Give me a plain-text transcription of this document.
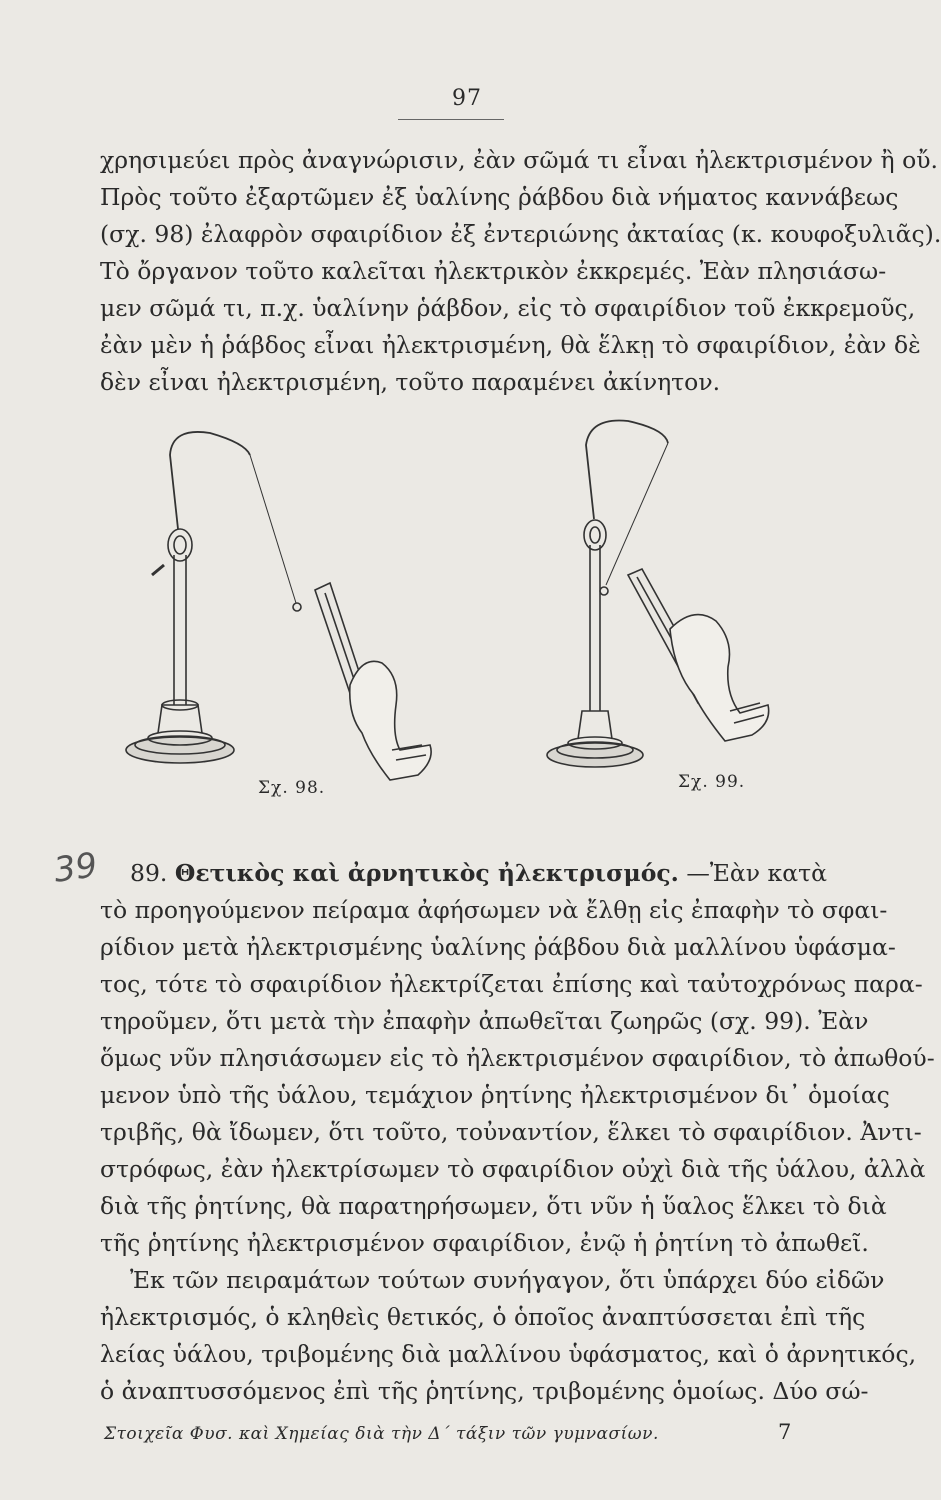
97
χρησιμεύει πρὸς ἀναγνώρισιν, ἐὰν σῶμά τι εἶναι ἠλεκτρισμένον ἢ οὔ.
Πρὸς τοῦτο ἐξαρτῶμεν ἐξ ὑαλίνης ῥάβδου διὰ νήματος καννάβεως
(σχ. 98) ἐλαφρὸν σφαιρίδιον ἐξ ἐντεριώνης ἀκταίας (κ. κουφοξυλιᾶς).
Τὸ ὄργανον τοῦτο καλεῖται ἠλεκτρικὸν ἐκκρεμές. Ἐὰν πλησιάσω-
μεν σῶμά τι, π.χ. ὑαλίνην ῥάβδον, εἰς τὸ σφαιρίδιον τοῦ ἐκκρεμοῦς,
ἐὰν μὲν ἡ ῥάβδος εἶναι ἠλεκτρισμένη, θὰ ἕλκῃ τὸ σφαιρίδιον, ἐὰν δὲ
δὲν εἶναι ἠλεκτρισμένη, τοῦτο παραμένει ἀκίνητον.
Σχ. 98.	Σχ. 99.
39	89. Θετικὸς καὶ ἀρνητικὸς ἠλεκτρισμός. —Ἐὰν κατὰ
τὸ προηγούμενον πείραμα ἀφήσωμεν νὰ ἔλθῃ εἰς ἐπαφὴν τὸ σφαι-
ρίδιον μετὰ ἠλεκτρισμένης ὑαλίνης ῥάβδου διὰ μαλλίνου ὑφάσμα-
τος, τότε τὸ σφαιρίδιον ἠλεκτρίζεται ἐπίσης καὶ ταὐτοχρόνως παρα-
τηροῦμεν, ὅτι μετὰ τὴν ἐπαφὴν ἀπωθεῖται ζωηρῶς (σχ. 99). Ἐὰν
ὅμως νῦν πλησιάσωμεν εἰς τὸ ἠλεκτρισμένον σφαιρίδιον, τὸ ἀπωθού-
μενον ὑπὸ τῆς ὑάλου, τεμάχιον ῥητίνης ἠλεκτρισμένον δι᾽ ὁμοίας
τριβῆς, θὰ ἴδωμεν, ὅτι τοῦτο, τοὐναντίον, ἕλκει τὸ σφαιρίδιον. Ἀντι-
στρόφως, ἐὰν ἠλεκτρίσωμεν τὸ σφαιρίδιον οὐχὶ διὰ τῆς ὑάλου, ἀλλὰ
διὰ τῆς ῥητίνης, θὰ παρατηρήσωμεν, ὅτι νῦν ἡ ὕαλος ἕλκει τὸ διὰ
τῆς ῥητίνης ἠλεκτρισμένον σφαιρίδιον, ἐνῷ ἡ ῥητίνη τὸ ἀπωθεῖ.
Ἐκ τῶν πειραμάτων τούτων συνήγαγον, ὅτι ὑπάρχει δύο εἰδῶν
ἠλεκτρισμός, ὁ κληθεὶς θετικός, ὁ ὁποῖος ἀναπτύσσεται ἐπὶ τῆς
λείας ὑάλου, τριβομένης διὰ μαλλίνου ὑφάσματος, καὶ ὁ ἀρνητικός,
ὁ ἀναπτυσσόμενος ἐπὶ τῆς ῥητίνης, τριβομένης ὁμοίως. Δύο σώ-
Στοιχεῖα Φυσ. καὶ Χημείας διὰ τὴν Δ΄ τάξιν τῶν γυμνασίων.	7
